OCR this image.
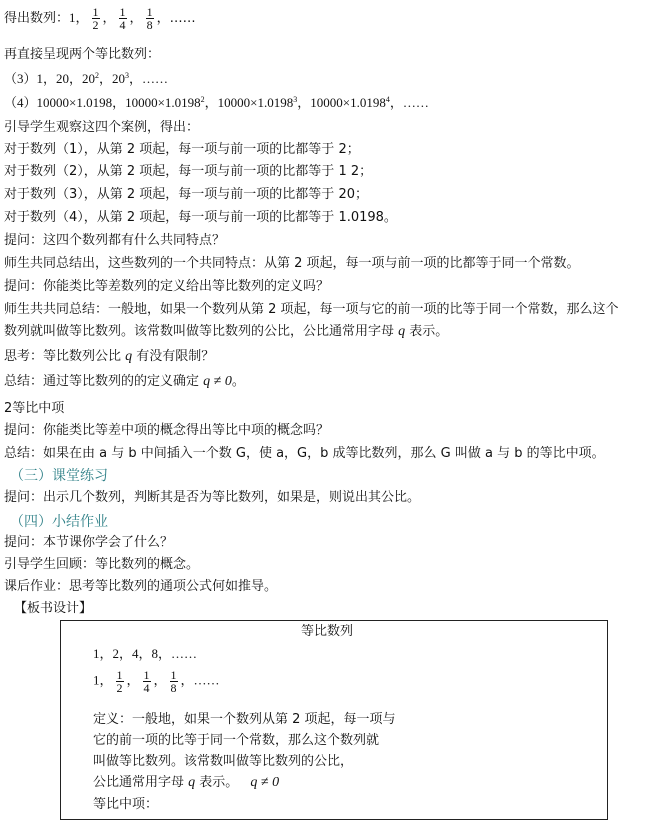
得出数列：1， $\frac{1}{2}$ ， $\frac{1}{4}$ ， $\frac{1}{8}$ ，……
再直接呈现两个等比数列：
（3）1，20，$20^2$，$20^3$，……
（4）10000×1.0198，$10000\times 1.0198^2$，$10000\times 1.0198^3$，$10000\times 1.0198^4$，……
引导学生观察这四个案例，得出：
对于数列（1），从第 2 项起，每一项与前一项的比都等于 2；
对于数列（2），从第 2 项起，每一项与前一项的比都等于 1 2；
对于数列（3），从第 2 项起，每一项与前一项的比都等于 20；
对于数列（4），从第 2 项起，每一项与前一项的比都等于 1.0198。
提问：这四个数列都有什么共同特点？
师生共同总结出，这些数列的一个共同特点：从第 2 项起，每一项与前一项的比都等于同一个常数。
提问：你能类比等差数列的定义给出等比数列的定义吗？
师生共共同总结：一般地，如果一个数列从第 2 项起，每一项与它的前一项的比等于同一个常数，那么这个
数列就叫做等比数列。该常数叫做等比数列的公比，公比通常用字母 q 表示。
思考：等比数列公比 q 有没有限制？
总结：通过等比数列的的定义确定 q ≠ 0。
2等比中项
提问：你能类比等差中项的概念得出等比中项的概念吗？
总结：如果在由 a 与 b 中间插入一个数 G，使 a，G，b 成等比数列，那么 G 叫做 a 与 b 的等比中项。
（三）课堂练习
提问：出示几个数列，判断其是否为等比数列，如果是，则说出其公比。
（四）小结作业
提问：本节课你学会了什么？
引导学生回顾：等比数列的概念。
课后作业：思考等比数列的通项公式何如推导。
【板书设计】
等比数列
1，2，4，8，……
1， $\frac{1}{2}$ ， $\frac{1}{4}$ ， $\frac{1}{8}$ ，……
定义：一般地，如果一个数列从第 2 项起，每一项与
它的前一项的比等于同一个常数，那么这个数列就
叫做等比数列。该常数叫做等比数列的公比，
公比通常用字母 q 表示。 q ≠ 0
等比中项：
